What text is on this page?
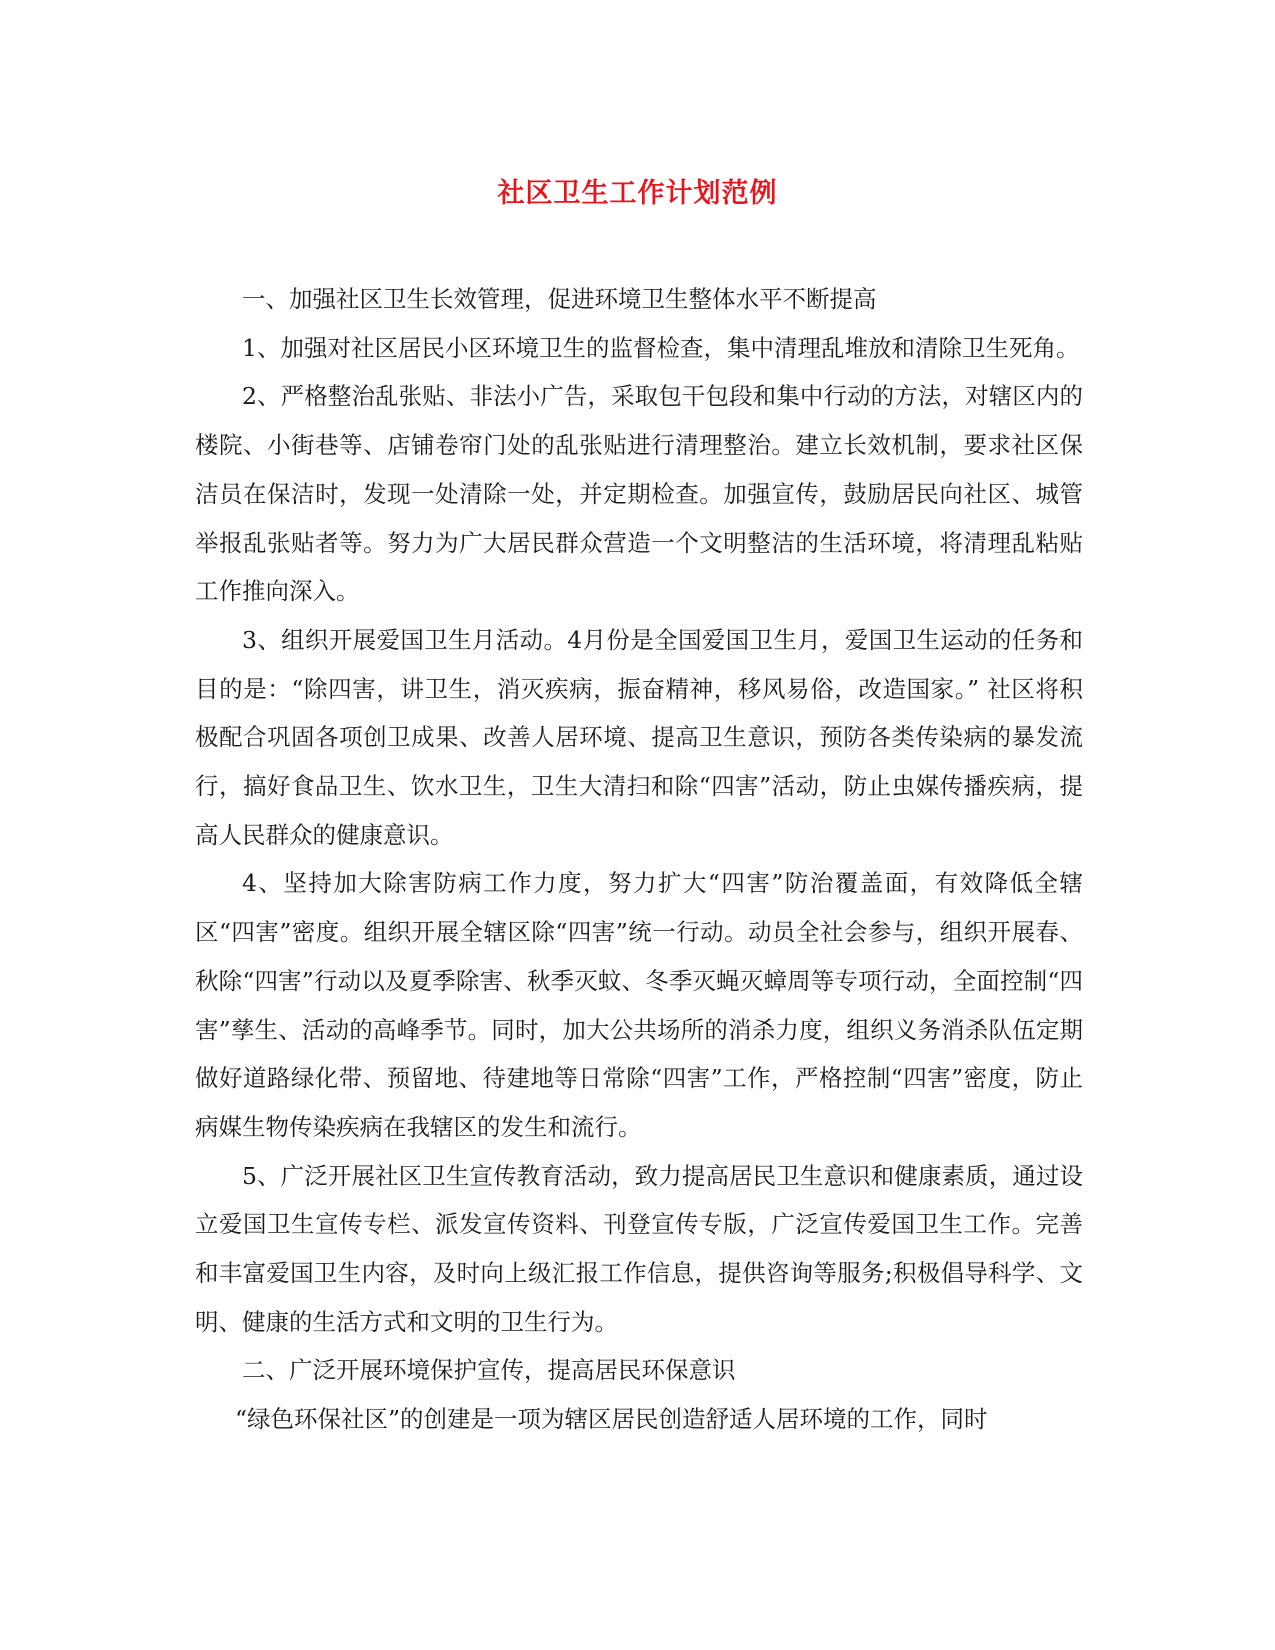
社区卫生工作计划范例

一、加强社区卫生长效管理，促进环境卫生整体水平不断提高

1、加强对社区居民小区环境卫生的监督检查，集中清理乱堆放和清除卫生死角。

2、严格整治乱张贴、非法小广告，采取包干包段和集中行动的方法，对辖区内的楼院、小街巷等、店铺卷帘门处的乱张贴进行清理整治。建立长效机制，要求社区保洁员在保洁时，发现一处清除一处，并定期检查。加强宣传，鼓励居民向社区、城管举报乱张贴者等。努力为广大居民群众营造一个文明整洁的生活环境，将清理乱粘贴工作推向深入。

3、组织开展爱国卫生月活动。4月份是全国爱国卫生月，爱国卫生运动的任务和目的是：“除四害，讲卫生，消灭疾病，振奋精神，移风易俗，改造国家。” 社区将积极配合巩固各项创卫成果、改善人居环境、提高卫生意识，预防各类传染病的暴发流行，搞好食品卫生、饮水卫生，卫生大清扫和除“四害”活动，防止虫媒传播疾病，提高人民群众的健康意识。

4、坚持加大除害防病工作力度，努力扩大“四害”防治覆盖面，有效降低全辖区“四害”密度。组织开展全辖区除“四害”统一行动。动员全社会参与，组织开展春、秋除“四害”行动以及夏季除害、秋季灭蚊、冬季灭蝇灭蟑周等专项行动，全面控制“四害”孳生、活动的高峰季节。同时，加大公共场所的消杀力度，组织义务消杀队伍定期做好道路绿化带、预留地、待建地等日常除“四害”工作，严格控制“四害”密度，防止病媒生物传染疾病在我辖区的发生和流行。

5、广泛开展社区卫生宣传教育活动，致力提高居民卫生意识和健康素质，通过设立爱国卫生宣传专栏、派发宣传资料、刊登宣传专版，广泛宣传爱国卫生工作。完善和丰富爱国卫生内容，及时向上级汇报工作信息，提供咨询等服务;积极倡导科学、文明、健康的生活方式和文明的卫生行为。

二、广泛开展环境保护宣传，提高居民环保意识

“绿色环保社区”的创建是一项为辖区居民创造舒适人居环境的工作，同时
